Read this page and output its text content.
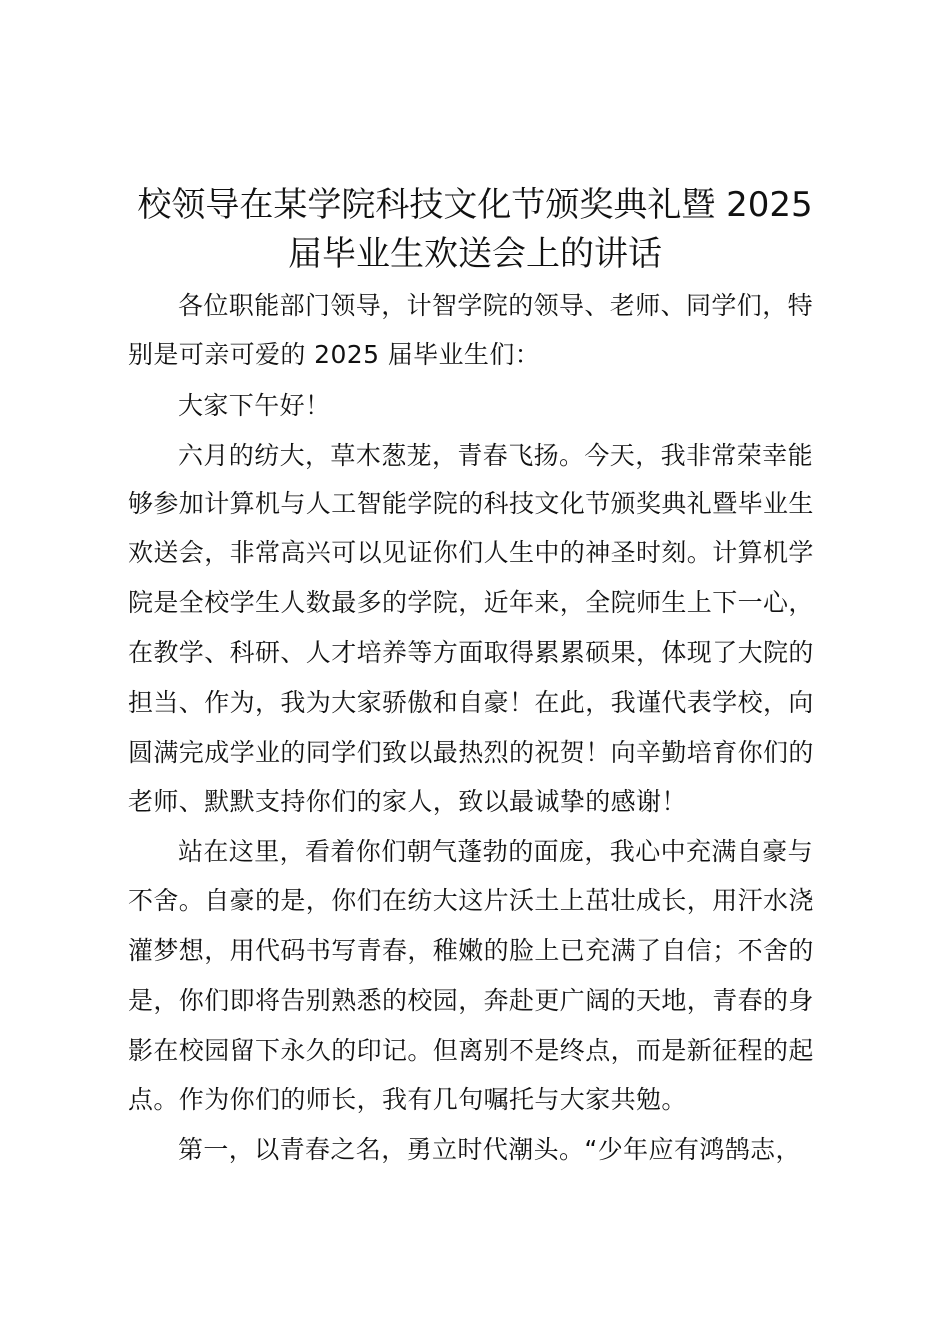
校领导在某学院科技文化节颁奖典礼暨 2025
届毕业生欢送会上的讲话
各位职能部门领导，计智学院的领导、老师、同学们，特
别是可亲可爱的 2025 届毕业生们：
大家下午好！
六月的纺大，草木葱茏，青春飞扬。今天，我非常荣幸能
够参加计算机与人工智能学院的科技文化节颁奖典礼暨毕业生
欢送会，非常高兴可以见证你们人生中的神圣时刻。计算机学
院是全校学生人数最多的学院，近年来，全院师生上下一心，
在教学、科研、人才培养等方面取得累累硕果，体现了大院的
担当、作为，我为大家骄傲和自豪！在此，我谨代表学校，向
圆满完成学业的同学们致以最热烈的祝贺！向辛勤培育你们的
老师、默默支持你们的家人，致以最诚挚的感谢！
站在这里，看着你们朝气蓬勃的面庞，我心中充满自豪与
不舍。自豪的是，你们在纺大这片沃土上茁壮成长，用汗水浇
灌梦想，用代码书写青春，稚嫩的脸上已充满了自信；不舍的
是，你们即将告别熟悉的校园，奔赴更广阔的天地，青春的身
影在校园留下永久的印记。但离别不是终点，而是新征程的起
点。作为你们的师长，我有几句嘱托与大家共勉。
第一，以青春之名，勇立时代潮头。“少年应有鸿鹄志，
